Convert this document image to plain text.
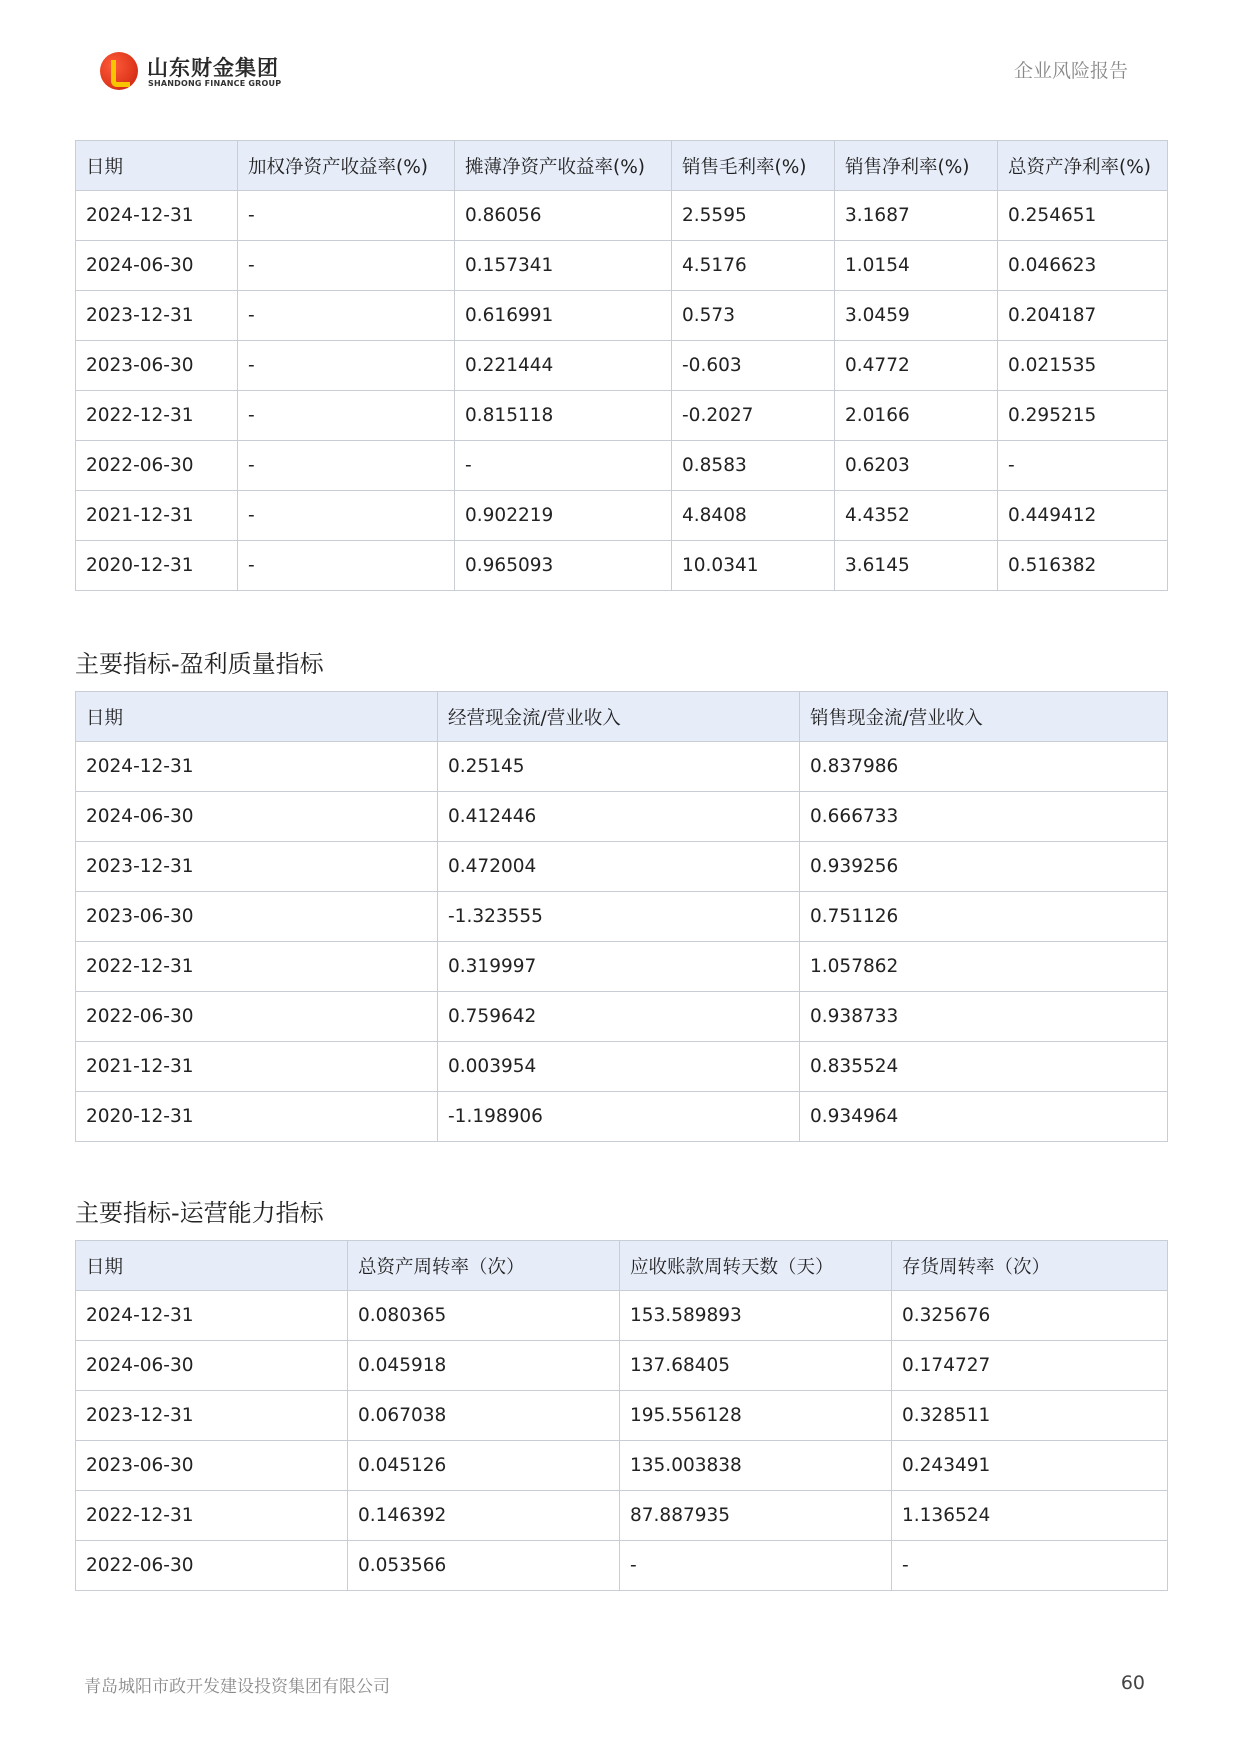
山东财金集团
SHANDONG FINANCE GROUP
企业风险报告
日期	加权净资产收益率(%)	摊薄净资产收益率(%)	销售毛利率(%)	销售净利率(%)	总资产净利率(%)
2024-12-31	-	0.86056	2.5595	3.1687	0.254651
2024-06-30	-	0.157341	4.5176	1.0154	0.046623
2023-12-31	-	0.616991	0.573	3.0459	0.204187
2023-06-30	-	0.221444	-0.603	0.4772	0.021535
2022-12-31	-	0.815118	-0.2027	2.0166	0.295215
2022-06-30	-	-	0.8583	0.6203	-
2021-12-31	-	0.902219	4.8408	4.4352	0.449412
2020-12-31	-	0.965093	10.0341	3.6145	0.516382
主要指标-盈利质量指标
日期	经营现金流/营业收入	销售现金流/营业收入
2024-12-31	0.25145	0.837986
2024-06-30	0.412446	0.666733
2023-12-31	0.472004	0.939256
2023-06-30	-1.323555	0.751126
2022-12-31	0.319997	1.057862
2022-06-30	0.759642	0.938733
2021-12-31	0.003954	0.835524
2020-12-31	-1.198906	0.934964
主要指标-运营能力指标
日期	总资产周转率（次）	应收账款周转天数（天）	存货周转率（次）
2024-12-31	0.080365	153.589893	0.325676
2024-06-30	0.045918	137.68405	0.174727
2023-12-31	0.067038	195.556128	0.328511
2023-06-30	0.045126	135.003838	0.243491
2022-12-31	0.146392	87.887935	1.136524
2022-06-30	0.053566	-	-
青岛城阳市政开发建设投资集团有限公司	60
